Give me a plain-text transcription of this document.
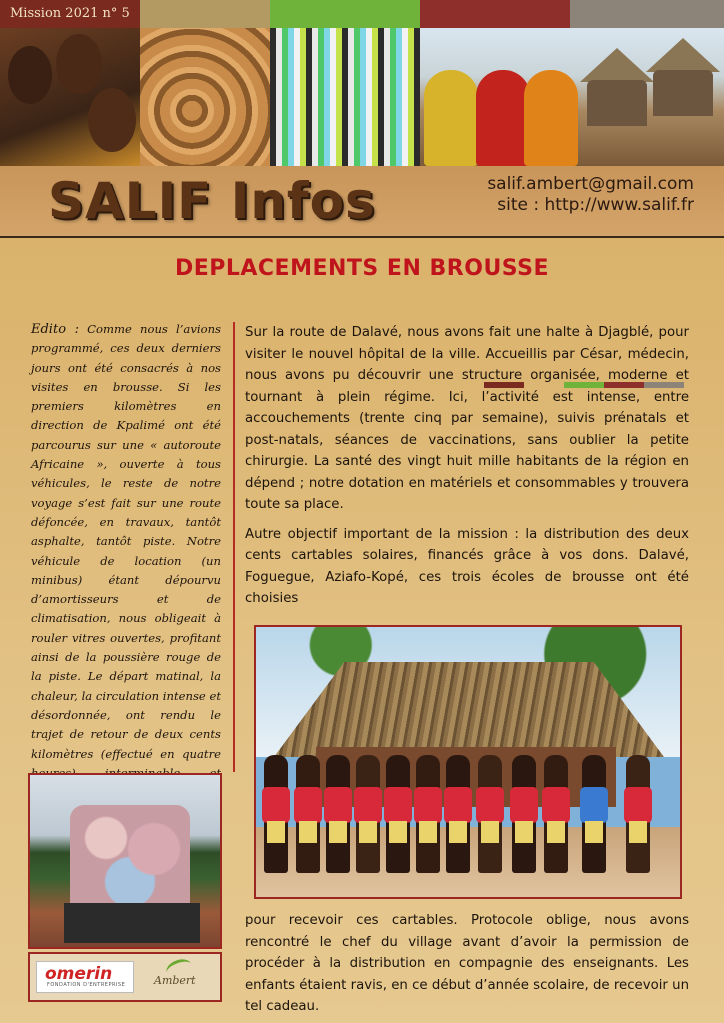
Mission 2021 n° 5
SALIF Infos	salif.ambert@gmail.com
site : http://www.salif.fr
DEPLACEMENTS EN BROUSSE
Edito : Comme nous l’avions programmé, ces deux derniers jours ont été consacrés à nos visites en brousse. Si les premiers kilomètres en direction de Kpalimé ont été parcourus sur une « autoroute Africaine », ouverte à tous véhicules, le reste de notre voyage s’est fait sur une route défoncée, en travaux, tantôt asphalte, tantôt piste. Notre véhicule de location (un minibus) étant dépourvu d’amortisseurs et de climatisation, nous obligeait à rouler vitres ouvertes, profitant ainsi de la poussière rouge de la piste. Le départ matinal, la chaleur, la circulation intense et désordonnée, ont rendu le trajet de retour de deux cents kilomètres (effectué en quatre

Sur la route de Dalavé, nous avons fait une halte à Djagblé, pour visiter le nouvel hôpital de la ville. Accueillis par César, médecin, nous avons pu découvrir une structure organisée, moderne et tournant à plein régime. Ici, l’activité est intense, entre accouchements (trente cinq par semaine), suivis prénatals et post-natals, séances de vaccinations, sans oublier la petite chirurgie. La santé des vingt huit mille habitants de la région en dépend ; notre dotation en matériels et consommables y trouvera toute sa place.

Autre objectif important de la mission : la distribution des deux cents cartables solaires, financés grâce à vos dons. Dalavé, Foguegue, Aziafo-Kopé, ces trois écoles de brousse ont été choisies

omerin
FONDATION D'ENTREPRISE	Ambert
pour recevoir ces cartables. Protocole oblige, nous avons rencontré le chef du village avant d’avoir la permission de procéder à la distribution en compagnie des enseignants. Les enfants étaient ravis, en ce début d’année scolaire, de recevoir un tel cadeau.
